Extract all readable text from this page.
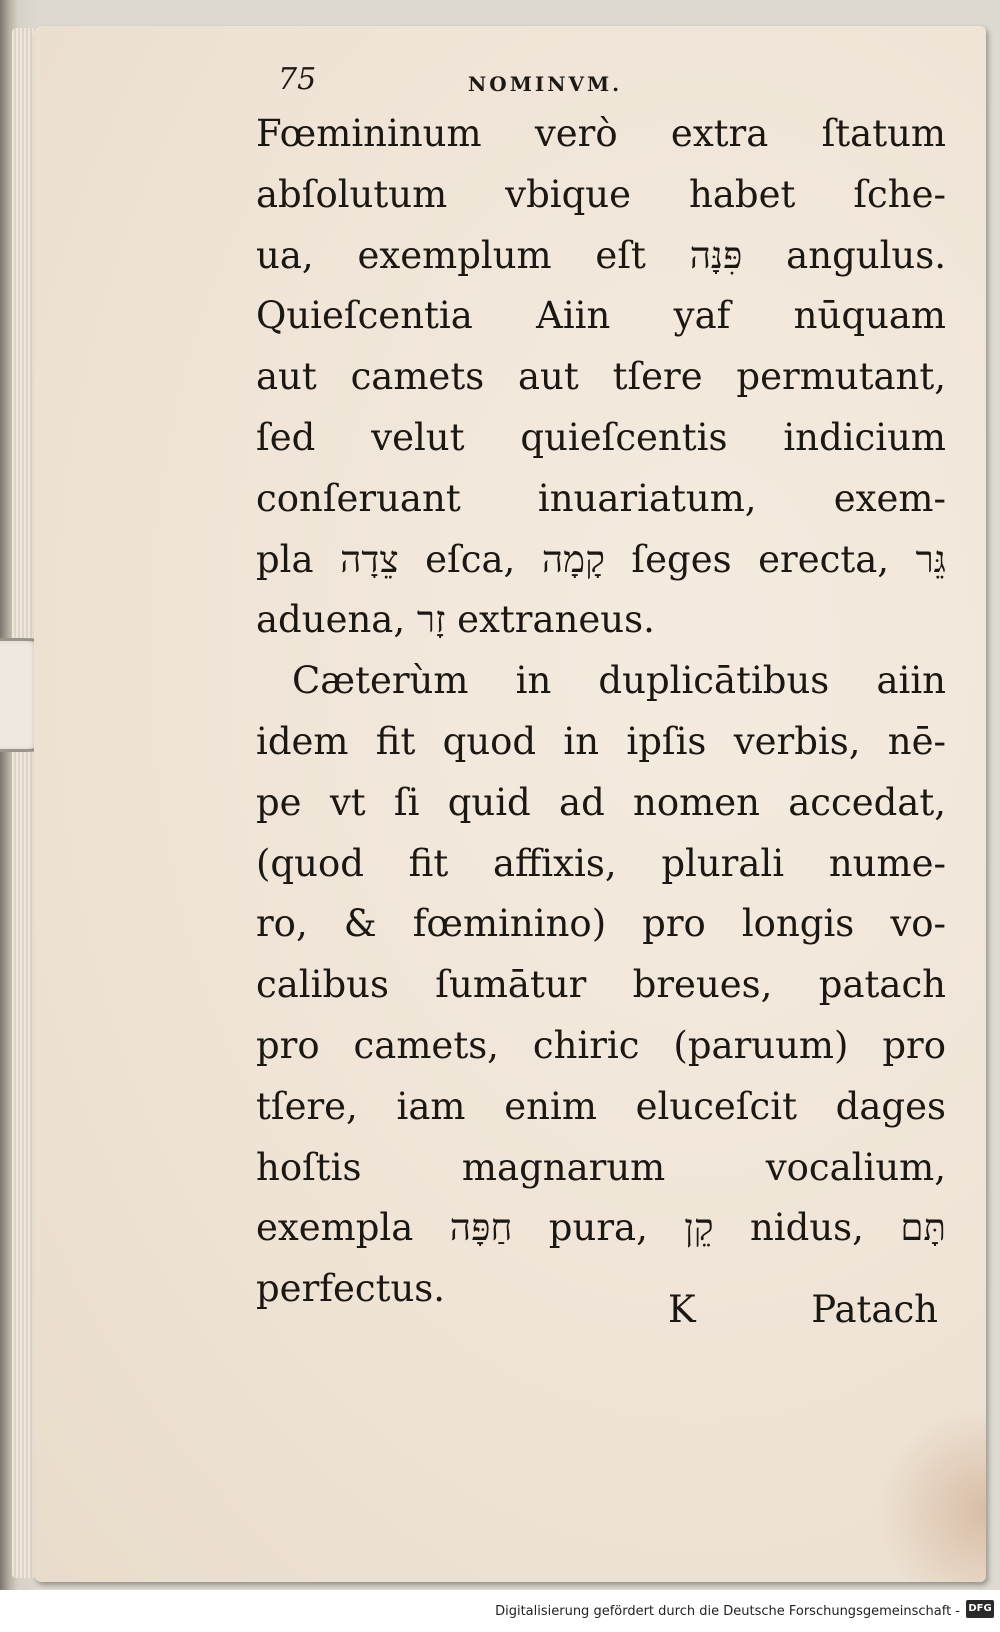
75	NOMINVM.
Fœmininum verò extra ſtatum
abſolutum vbique habet ſche-
ua, exemplum eſt פִּנָּה angulus.
Quieſcentia Aiin yaf nūquam
aut camets aut tſere permutant,
ſed velut quieſcentis indicium
conſeruant inuariatum, exem-
pla צֵדָה eſca, קָמָה ſeges erecta, גֵּר
aduena, זָר extraneus.
Cæterùm in duplicātibus aiin
idem fit quod in ipſis verbis, nē-
pe vt ſi quid ad nomen accedat,
(quod fit affixis, plurali nume-
ro, & fœminino) pro longis vo-
calibus ſumātur breues, patach
pro camets, chiric (paruum) pro
tſere, iam enim eluceſcit dages
hoſtis magnarum vocalium,
exempla חַפָּה pura, קֵן nidus, תָּם
perfectus.	K	Patach
Digitalisierung gefördert durch die Deutsche Forschungsgemeinschaft - DFG
